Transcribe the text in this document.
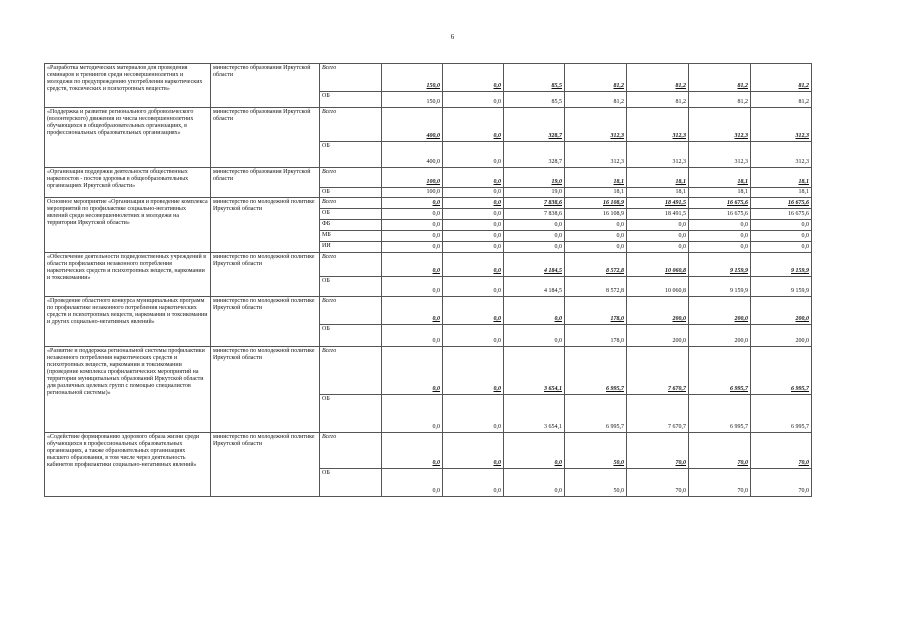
6
«Разработка методических материалов для проведения семинаров и тренингов среди несовершеннолетних и молодежи по предупреждению употребления наркотических средств, токсических и психотропных веществ»	министерство образования Иркутской области	Всего	150,0	0,0	85,5	81,2	81,2	81,2	81,2
		ОБ	150,0	0,0	85,5	81,2	81,2	81,2	81,2
«Поддержка и развитие регионального добровольческого (волонтерского) движения из числа несовершеннолетних обучающихся в общеобразовательных организациях, в профессиональных образовательных организациях»	министерство образования Иркутской области	Всего	400,0	0,0	328,7	312,3	312,3	312,3	312,3
		ОБ	400,0	0,0	328,7	312,3	312,3	312,3	312,3
«Организация поддержки деятельности общественных наркопостов - постов здоровья в общеобразовательных организациях Иркутской области»	министерство образования Иркутской области	Всего	100,0	0,0	19,0	18,1	18,1	18,1	18,1
		ОБ	100,0	0,0	19,0	18,1	18,1	18,1	18,1
Основное мероприятие «Организация и проведение комплекса мероприятий по профилактике социально-негативных явлений среди несовершеннолетних и молодежи на территории Иркутской области»	министерство по молодежной политике Иркутской области	Всего	0,0	0,0	7 838,6	16 108,9	18 491,5	16 675,6	16 675,6
		ОБ	0,0	0,0	7 838,6	16 108,9	18 491,5	16 675,6	16 675,6
		ФБ	0,0	0,0	0,0	0,0	0,0	0,0	0,0
		МБ	0,0	0,0	0,0	0,0	0,0	0,0	0,0
		ИИ	0,0	0,0	0,0	0,0	0,0	0,0	0,0
«Обеспечение деятельности подведомственных учреждений в области профилактики незаконного потребления наркотических средств и психотропных веществ, наркомании и токсикомании»	министерство по молодежной политике Иркутской области	Всего	0,0	0,0	4 184,5	8 572,8	10 060,8	9 159,9	9 159,9
		ОБ	0,0	0,0	4 184,5	8 572,8	10 060,8	9 159,9	9 159,9
«Проведение областного конкурса муниципальных программ по профилактике незаконного потребления наркотических средств и психотропных веществ, наркомании и токсикомании и других социально-негативных явлений»	министерство по молодежной политике Иркутской области	Всего	0,0	0,0	0,0	178,0	200,0	200,0	200,0
		ОБ	0,0	0,0	0,0	178,0	200,0	200,0	200,0
«Развитие и поддержка региональной системы профилактики незаконного потребления наркотических средств и психотропных веществ, наркомании и токсикомании (проведение комплекса профилактических мероприятий на территории муниципальных образований Иркутской области для различных целевых групп с помощью специалистов региональной системы)»	министерство по молодежной политике Иркутской области	Всего	0,0	0,0	3 654,1	6 995,7	7 670,7	6 995,7	6 995,7
		ОБ	0,0	0,0	3 654,1	6 995,7	7 670,7	6 995,7	6 995,7
«Содействие формированию здорового образа жизни среди обучающихся в профессиональных образовательных организациях, а также образовательных организациях высшего образования, в том числе через деятельность кабинетов профилактики социально-негативных явлений»	министерство по молодежной политике Иркутской области	Всего	0,0	0,0	0,0	50,0	70,0	70,0	70,0
		ОБ	0,0	0,0	0,0	50,0	70,0	70,0	70,0
